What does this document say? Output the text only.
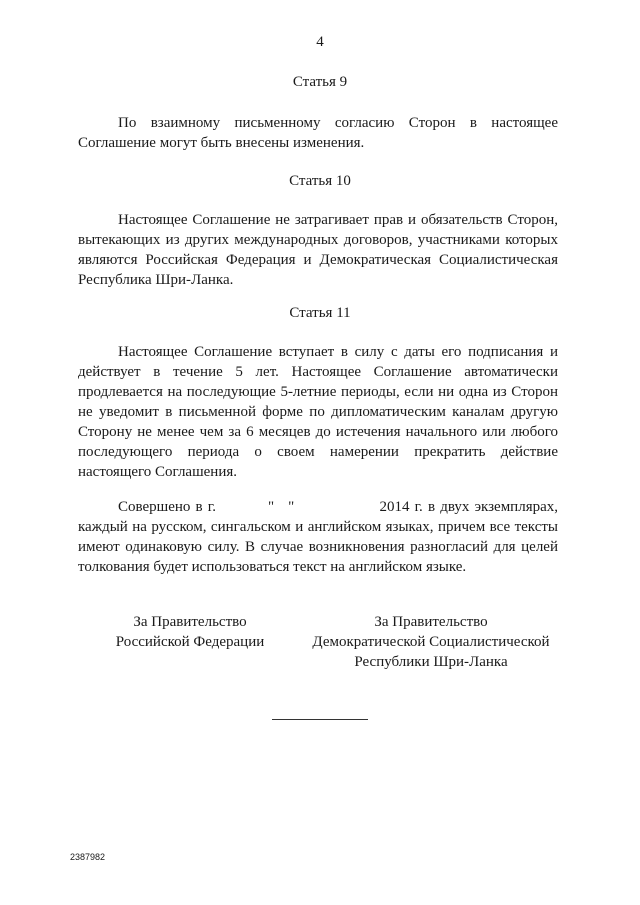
4
Статья 9

По взаимному письменному согласию Сторон в настоящее Соглашение могут быть внесены изменения.

Статья 10

Настоящее Соглашение не затрагивает прав и обязательств Сторон, вытекающих из других международных договоров, участниками которых являются Российская Федерация и Демократическая Социалистическая Республика Шри-Ланка.

Статья 11

Настоящее Соглашение вступает в силу с даты его подписания и действует в течение 5 лет. Настоящее Соглашение автоматически продлевается на последующие 5-летние периоды, если ни одна из Сторон не уведомит в письменной форме по дипломатическим каналам другую Сторону не менее чем за 6 месяцев до истечения начального или любого последующего периода о своем намерении прекратить действие настоящего Соглашения.

Совершено в г.	" "	2014 г. в двух экземплярах, каждый на русском, сингальском и английском языках, причем все тексты имеют одинаковую силу. В случае возникновения разногласий для целей толкования будет использоваться текст на английском языке.

За Правительство
Российской Федерации
За Правительство
Демократической Социалистической
Республики Шри-Ланка
2387982
